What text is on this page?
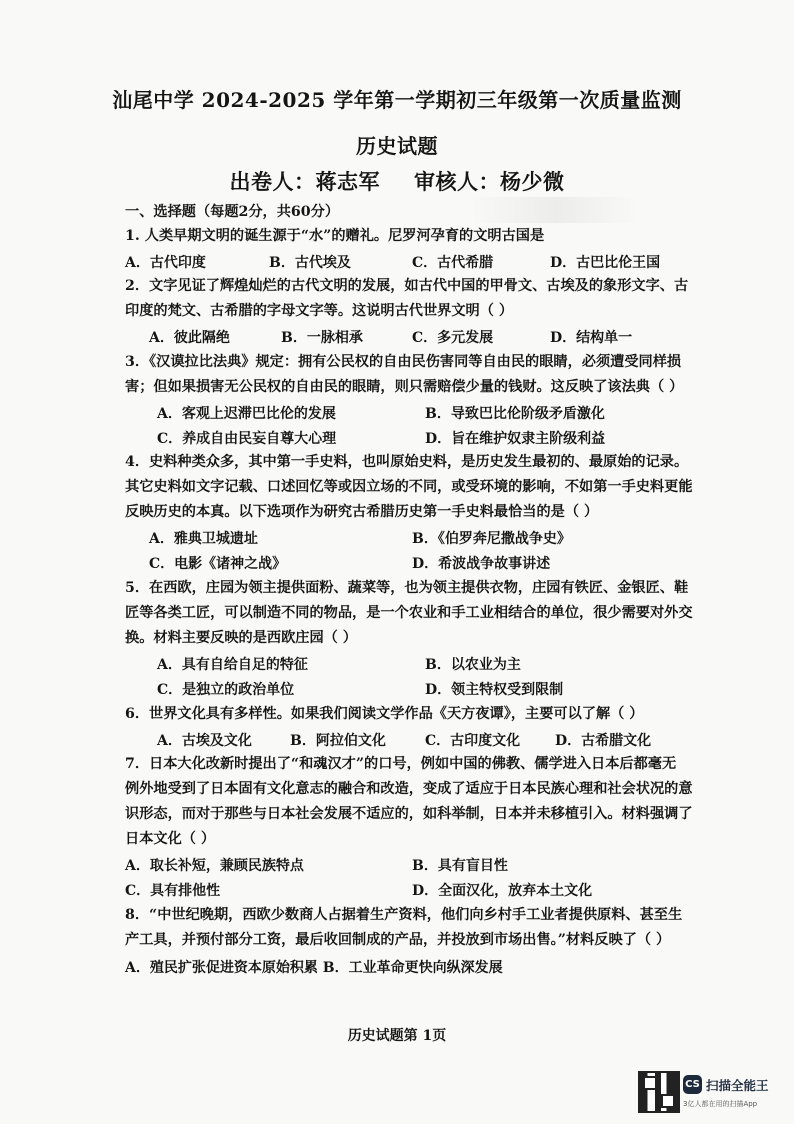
汕尾中学 2024-2025 学年第一学期初三年级第一次质量监测
历史试题
出卷人：蒋志军 审核人：杨少微
一、选择题（每题2分，共60分）
1. 人类早期文明的诞生源于“水”的赠礼。尼罗河孕育的文明古国是
A．古代印度	B．古代埃及	C．古代希腊	D．古巴比伦王国
2．文字见证了辉煌灿烂的古代文明的发展，如古代中国的甲骨文、古埃及的象形文字、古
印度的梵文、古希腊的字母文字等。这说明古代世界文明（ ）
A．彼此隔绝	B．一脉相承	C．多元发展	D．结构单一
3．《汉谟拉比法典》规定：拥有公民权的自由民伤害同等自由民的眼睛，必须遭受同样损
害；但如果损害无公民权的自由民的眼睛，则只需赔偿少量的钱财。这反映了该法典（ ）
A．客观上迟滞巴比伦的发展	B．导致巴比伦阶级矛盾激化
C．养成自由民妄自尊大心理	D．旨在维护奴隶主阶级利益
4．史料种类众多，其中第一手史料，也叫原始史料，是历史发生最初的、最原始的记录。
其它史料如文字记载、口述回忆等或因立场的不同，或受环境的影响，不如第一手史料更能
反映历史的本真。以下选项作为研究古希腊历史第一手史料最恰当的是（ ）
A．雅典卫城遗址	B．《伯罗奔尼撒战争史》
C．电影《诸神之战》	D．希波战争故事讲述
5．在西欧，庄园为领主提供面粉、蔬菜等，也为领主提供衣物，庄园有铁匠、金银匠、鞋
匠等各类工匠，可以制造不同的物品，是一个农业和手工业相结合的单位，很少需要对外交
换。材料主要反映的是西欧庄园（ ）
A．具有自给自足的特征	B．以农业为主
C．是独立的政治单位	D．领主特权受到限制
6．世界文化具有多样性。如果我们阅读文学作品《天方夜谭》，主要可以了解（ ）
A．古埃及文化	B．阿拉伯文化	C．古印度文化 D．古希腊文化
7．日本大化改新时提出了“和魂汉才”的口号，例如中国的佛教、儒学进入日本后都毫无
例外地受到了日本固有文化意志的融合和改造，变成了适应于日本民族心理和社会状况的意
识形态，而对于那些与日本社会发展不适应的，如科举制，日本并未移植引入。材料强调了
日本文化（ ）
A．取长补短，兼顾民族特点	B．具有盲目性
C．具有排他性	D．全面汉化，放弃本土文化
8．“中世纪晚期，西欧少数商人占据着生产资料，他们向乡村手工业者提供原料、甚至生
产工具，并预付部分工资，最后收回制成的产品，并投放到市场出售。”材料反映了（ ）
A．殖民扩张促进资本原始积累 B．工业革命更快向纵深发展
历史试题第 1页
CS 扫描全能王
3亿人都在用的扫描App
